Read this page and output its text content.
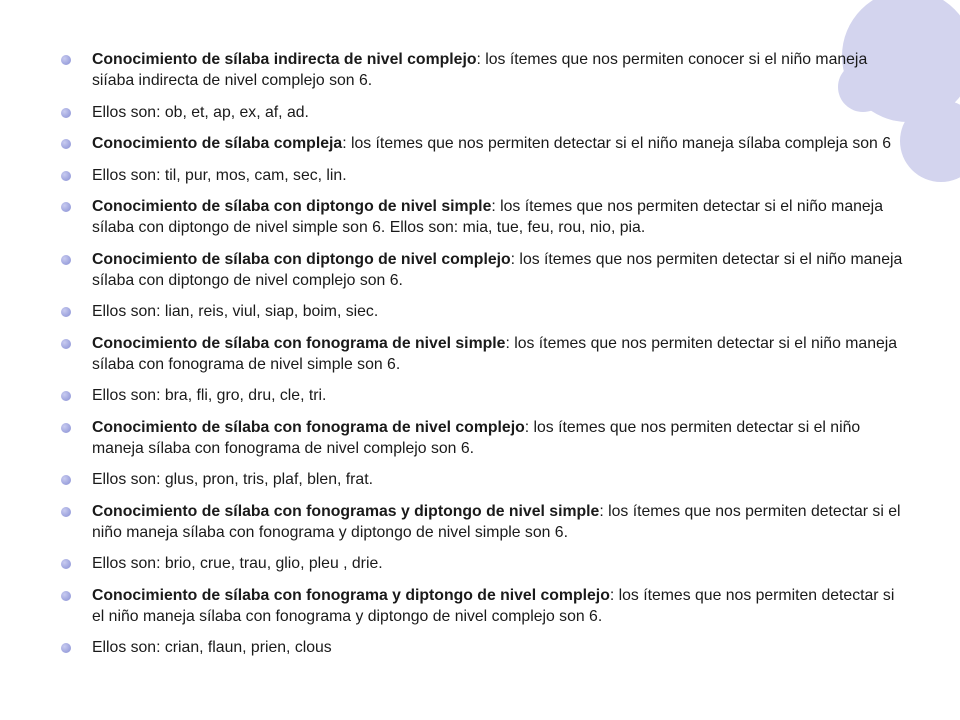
Conocimiento de sílaba indirecta de nivel complejo: los ítemes que nos permiten conocer si el niño maneja siíaba indirecta de nivel complejo son 6.
Ellos son: ob, et, ap, ex, af, ad.
Conocimiento de sílaba compleja: los ítemes que nos permiten detectar si el niño maneja sílaba compleja son 6
Ellos son: til, pur, mos, cam, sec, lin.
Conocimiento de sílaba con diptongo de nivel simple: los ítemes que nos permiten detectar si el niño maneja sílaba con diptongo de nivel simple son 6. Ellos son: mia, tue, feu, rou, nio, pia.
Conocimiento de sílaba con diptongo de nivel complejo: los ítemes que nos permiten detectar si el niño maneja sílaba con diptongo de nivel complejo son 6.
Ellos son: lian, reis, viul, siap, boim, siec.
Conocimiento de sílaba con fonograma de nivel simple: los ítemes que nos permiten detectar si el niño maneja sílaba con fonograma de nivel simple son 6.
Ellos son: bra, fli, gro, dru, cle, tri.
Conocimiento de sílaba con fonograma de nivel complejo: los ítemes que nos permiten detectar si el niño maneja sílaba con fonograma de nivel complejo son 6.
Ellos son: glus, pron, tris, plaf, blen, frat.
Conocimiento de sílaba con fonogramas y diptongo de nivel simple: los ítemes que nos permiten detectar si el niño maneja sílaba con fonograma y diptongo de nivel simple son 6.
Ellos son: brio, crue, trau, glio, pleu , drie.
Conocimiento de sílaba con fonograma y diptongo de nivel complejo: los ítemes que nos permiten detectar si el niño maneja sílaba con fonograma y diptongo de nivel complejo son 6.
Ellos son: crian, flaun, prien, clous
